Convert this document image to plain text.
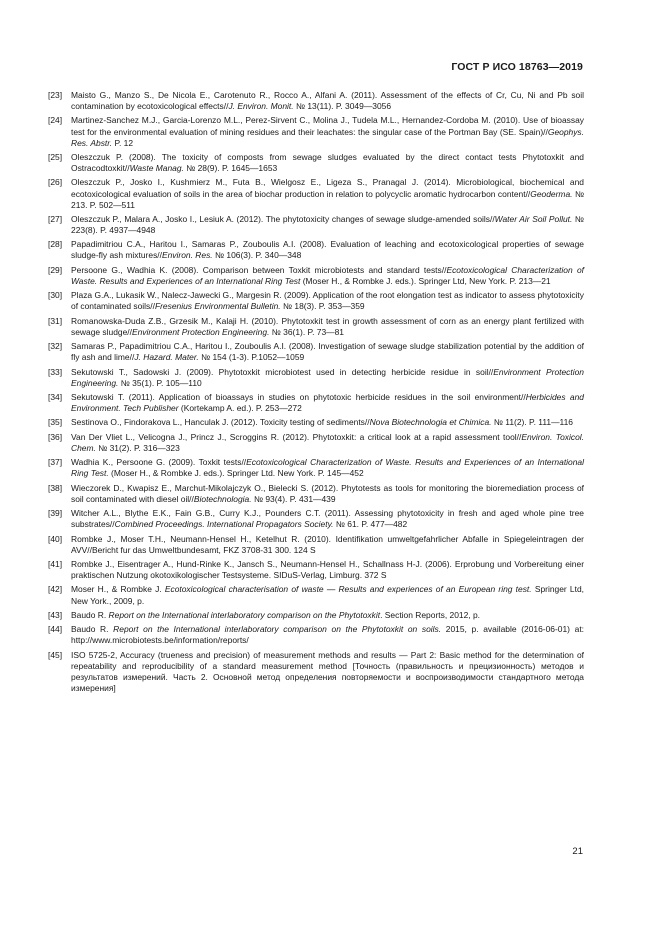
ГОСТ Р ИСО 18763—2019
[23]	Maisto G., Manzo S., De Nicola E., Carotenuto R., Rocco A., Alfani A. (2011). Assessment of the effects of Cr, Cu, Ni and Pb soil contamination by ecotoxicological effects//J. Environ. Monit. № 13(11). P. 3049—3056
[24]	Martinez-Sanchez M.J., Garcia-Lorenzo M.L., Perez-Sirvent C., Molina J., Tudela M.L., Hernandez-Cordoba M. (2010). Use of bioassay test for the environmental evaluation of mining residues and their leachates: the singular case of the Portman Bay (SE. Spain)//Geophys. Res. Abstr. P. 12
[25]	Oleszczuk P. (2008). The toxicity of composts from sewage sludges evaluated by the direct contact tests Phytotoxkit and Ostracodtoxkit//Waste Manag. № 28(9). P. 1645—1653
[26]	Oleszczuk P., Josko I., Kushmierz M., Futa B., Wielgosz E., Ligeza S., Pranagal J. (2014). Microbiological, biochemical and ecotoxicological evaluation of soils in the area of biochar production in relation to polycyclic aromatic hydrocarbon content//Geoderma. № 213. P. 502—511
[27]	Oleszczuk P., Malara A., Josko I., Lesiuk A. (2012). The phytotoxicity changes of sewage sludge-amended soils//Water Air Soil Pollut. № 223(8). P. 4937—4948
[28]	Papadimitriou C.A., Haritou I., Samaras P., Zouboulis A.I. (2008). Evaluation of leaching and ecotoxicological properties of sewage sludge-fly ash mixtures//Environ. Res. № 106(3). P. 340—348
[29]	Persoone G., Wadhia K. (2008). Comparison between Toxkit microbiotests and standard tests//Ecotoxicological Characterization of Waste. Results and Experiences of an International Ring Test (Moser H., & Rombke J. eds.). Springer Ltd, New York. P. 213—21
[30]	Plaza G.A., Lukasik W., Nalecz-Jawecki G., Margesin R. (2009). Application of the root elongation test as indicator to assess phytotoxicity of contaminated soils//Fresenius Environmental Bulletin. № 18(3). P. 353—359
[31]	Romanowska-Duda Z.B., Grzesik M., Kalaji H. (2010). Phytotoxkit test in growth assessment of corn as an energy plant fertilized with sewage sludge//Environment Protection Engineering. № 36(1). P. 73—81
[32]	Samaras P., Papadimitriou C.A., Haritou I., Zouboulis A.I. (2008). Investigation of sewage sludge stabilization potential by the addition of fly ash and lime//J. Hazard. Mater. № 154 (1-3). P.1052—1059
[33]	Sekutowski T., Sadowski J. (2009). Phytotoxkit microbiotest used in detecting herbicide residue in soil//Environment Protection Engineering. № 35(1). P. 105—110
[34]	Sekutowski T. (2011). Application of bioassays in studies on phytotoxic herbicide residues in the soil environment//Herbicides and Environment. Tech Publisher (Kortekamp A. ed.). P. 253—272
[35]	Sestinova O., Findorakova L., Hanculak J. (2012). Toxicity testing of sediments//Nova Biotechnologia et Chimica. № 11(2). P. 111—116
[36]	Van Der Vliet L., Velicogna J., Princz J., Scroggins R. (2012). Phytotoxkit: a critical look at a rapid assessment tool//Environ. Toxicol. Chem. № 31(2). P. 316—323
[37]	Wadhia K., Persoone G. (2009). Toxkit tests//Ecotoxicological Characterization of Waste. Results and Experiences of an International Ring Test. (Moser H., & Rombke J. eds.). Springer Ltd. New York. P. 145—452
[38]	Wieczorek D., Kwapisz E., Marchut-Mikolajczyk O., Bielecki S. (2012). Phytotests as tools for monitoring the bioremediation process of soil contaminated with diesel oil//Biotechnologia. № 93(4). P. 431—439
[39]	Witcher A.L., Blythe E.K., Fain G.B., Curry K.J., Pounders C.T. (2011). Assessing phytotoxicity in fresh and aged whole pine tree substrates//Combined Proceedings. International Propagators Society. № 61. P. 477—482
[40]	Rombke J., Moser T.H., Neumann-Hensel H., Ketelhut R. (2010). Identifikation umweltgefahrlicher Abfalle in Spiegeleintragen der AVV//Bericht fur das Umweltbundesamt, FKZ 3708-31 300. 124 S
[41]	Rombke J., Eisentrager A., Hund-Rinke K., Jansch S., Neumann-Hensel H., Schallnass H-J. (2006). Erprobung und Vorbereitung einer praktischen Nutzung okotoxikologischer Testsysteme. SIDuS-Verlag, Limburg. 372 S
[42]	Moser H., & Rombke J. Ecotoxicological characterisation of waste — Results and experiences of an European ring test. Springer Ltd, New York., 2009, p.
[43]	Baudo R. Report on the International interlaboratory comparison on the Phytotoxkit. Section Reports, 2012, p.
[44]	Baudo R. Report on the International interlaboratory comparison on the Phytotoxkit on soils. 2015, p. available (2016-06-01) at: http://www.microbiotests.be/information/reports/
[45]	ISO 5725-2, Accuracy (trueness and precision) of measurement methods and results — Part 2: Basic method for the determination of repeatability and reproducibility of a standard measurement method [Точность (правильность и прецизионность) методов и результатов измерений. Часть 2. Основной метод определения повторяемости и воспроизводимости стандартного метода измерения]
21
